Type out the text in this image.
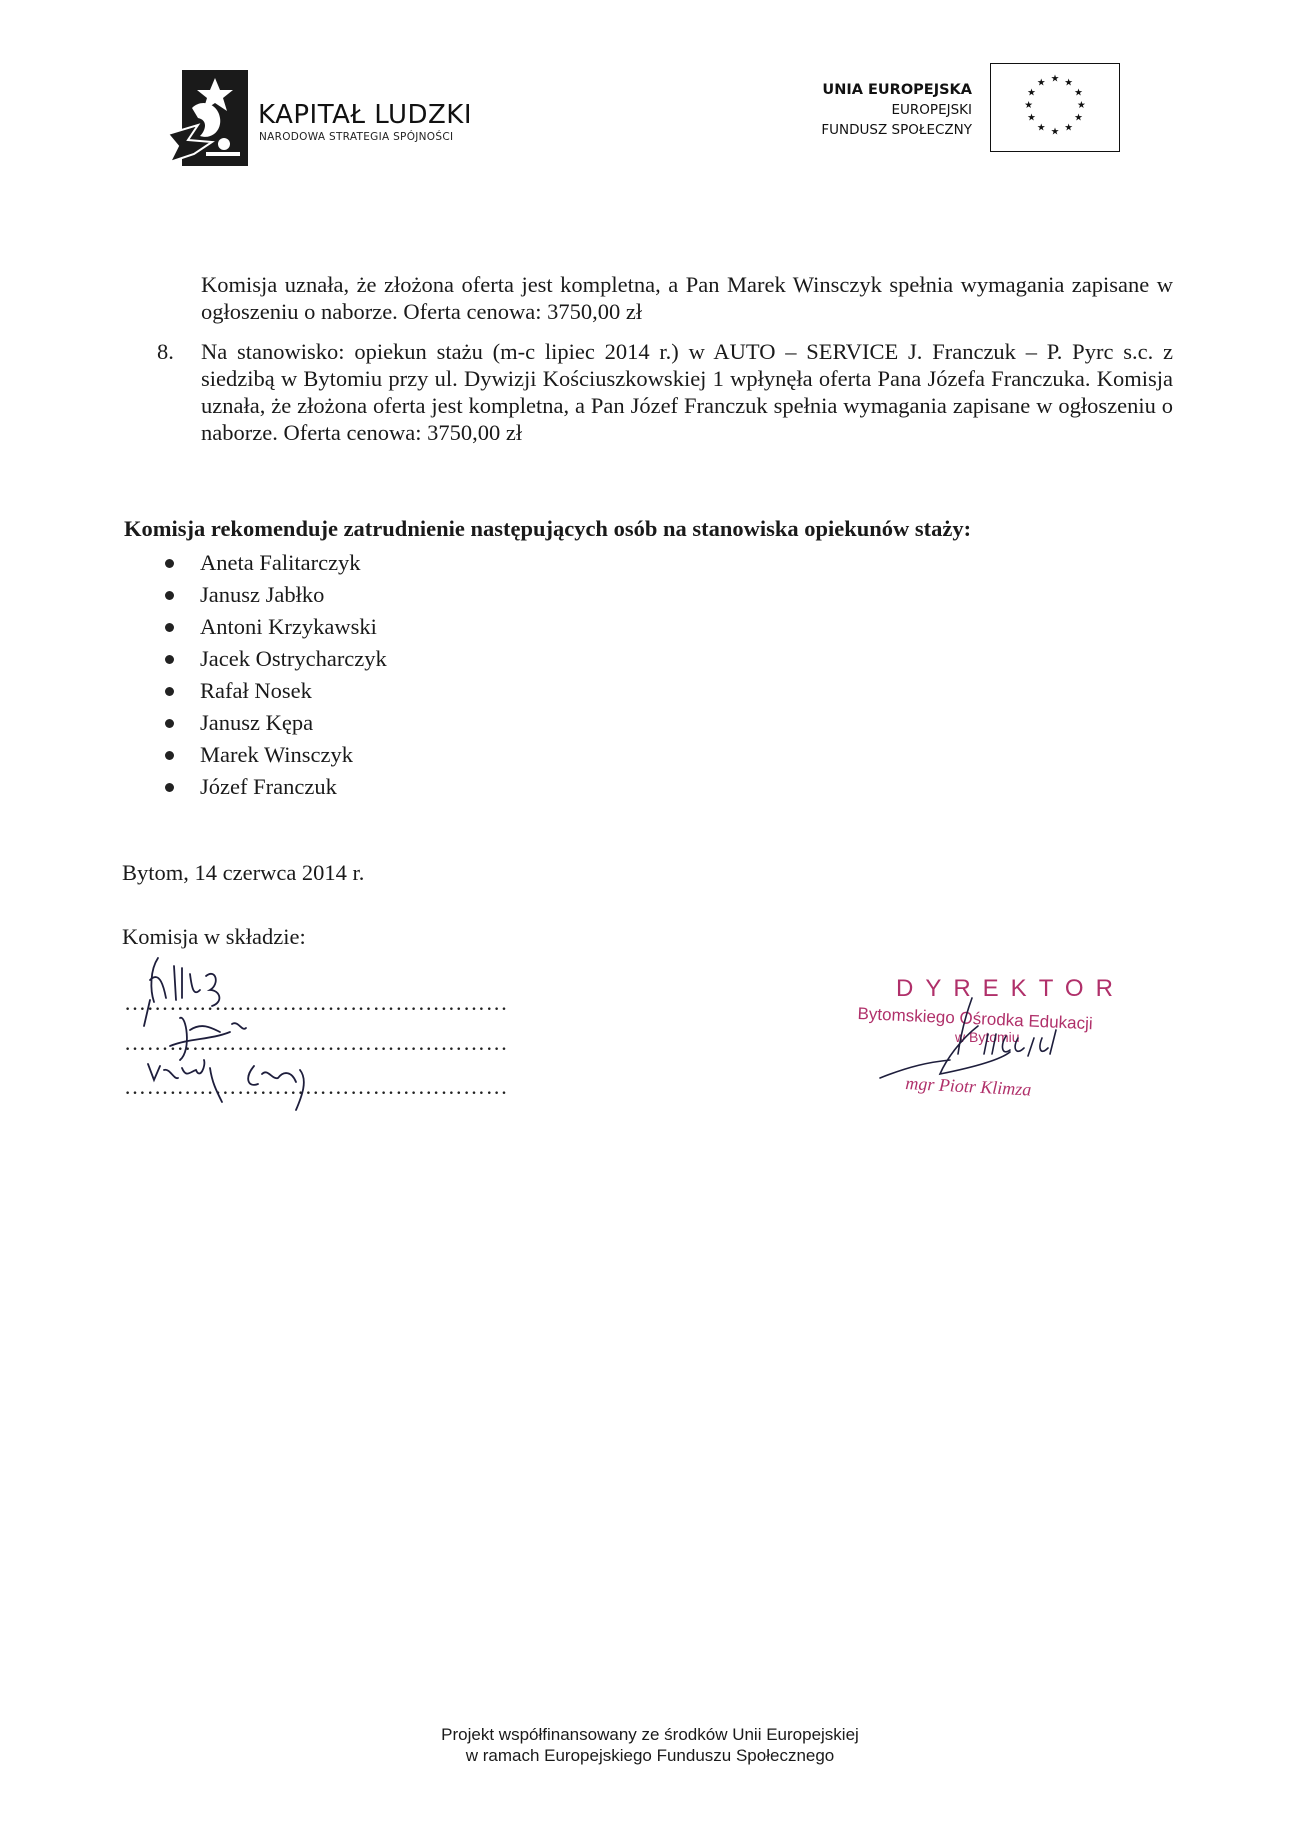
KAPITAŁ LUDZKI
NARODOWA STRATEGIA SPÓJNOŚCI
UNIA EUROPEJSKA
EUROPEJSKI
FUNDUSZ SPOŁECZNY
★ ★
★
★
★
★
★
★
★
★
★
★
Komisja uznała, że złożona oferta jest kompletna, a Pan Marek Winsczyk spełnia wymagania zapisane w ogłoszeniu o naborze. Oferta cenowa: 3750,00 zł
8. Na stanowisko: opiekun stażu (m-c lipiec 2014 r.) w AUTO – SERVICE J. Franczuk – P. Pyrc s.c. z siedzibą w Bytomiu przy ul. Dywizji Kościuszkowskiej 1 wpłynęła oferta Pana Józefa Franczuka. Komisja uznała, że złożona oferta jest kompletna, a Pan Józef Franczuk spełnia wymagania zapisane w ogłoszeniu o naborze. Oferta cenowa: 3750,00 zł
Komisja rekomenduje zatrudnienie następujących osób na stanowiska opiekunów staży:
Aneta Falitarczyk
Janusz Jabłko
Antoni Krzykawski
Jacek Ostrycharczyk
Rafał Nosek
Janusz Kępa
Marek Winsczyk
Józef Franczuk
Bytom, 14 czerwca 2014 r.
Komisja w składzie:
……………………………………………
……………………………………………
……………………………………………
DYREKTOR
Bytomskiego Ośrodka Edukacji
w Bytomiu
mgr Piotr Klimza
Projekt współfinansowany ze środków Unii Europejskiej
w ramach Europejskiego Funduszu Społecznego
